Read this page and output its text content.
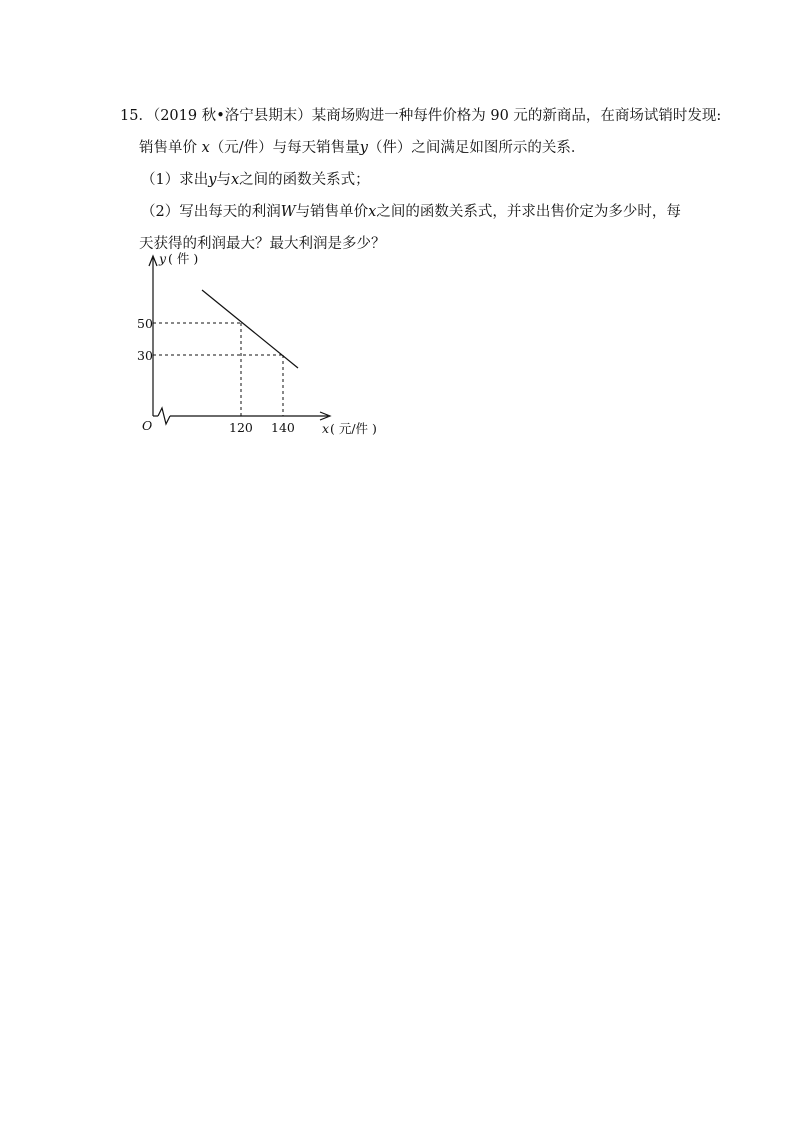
15．（2019 秋•洛宁县期末）某商场购进一种每件价格为 90 元的新商品，在商场试销时发现:
销售单价 x（元/件）与每天销售量y（件）之间满足如图所示的关系．
（1）求出y与x之间的函数关系式；
（2）写出每天的利润W与销售单价x之间的函数关系式，并求出售价定为多少时，每
天获得的利润最大？最大利润是多少？
y ( 件 )
50
30
O	120 140 x ( 元/件 )
